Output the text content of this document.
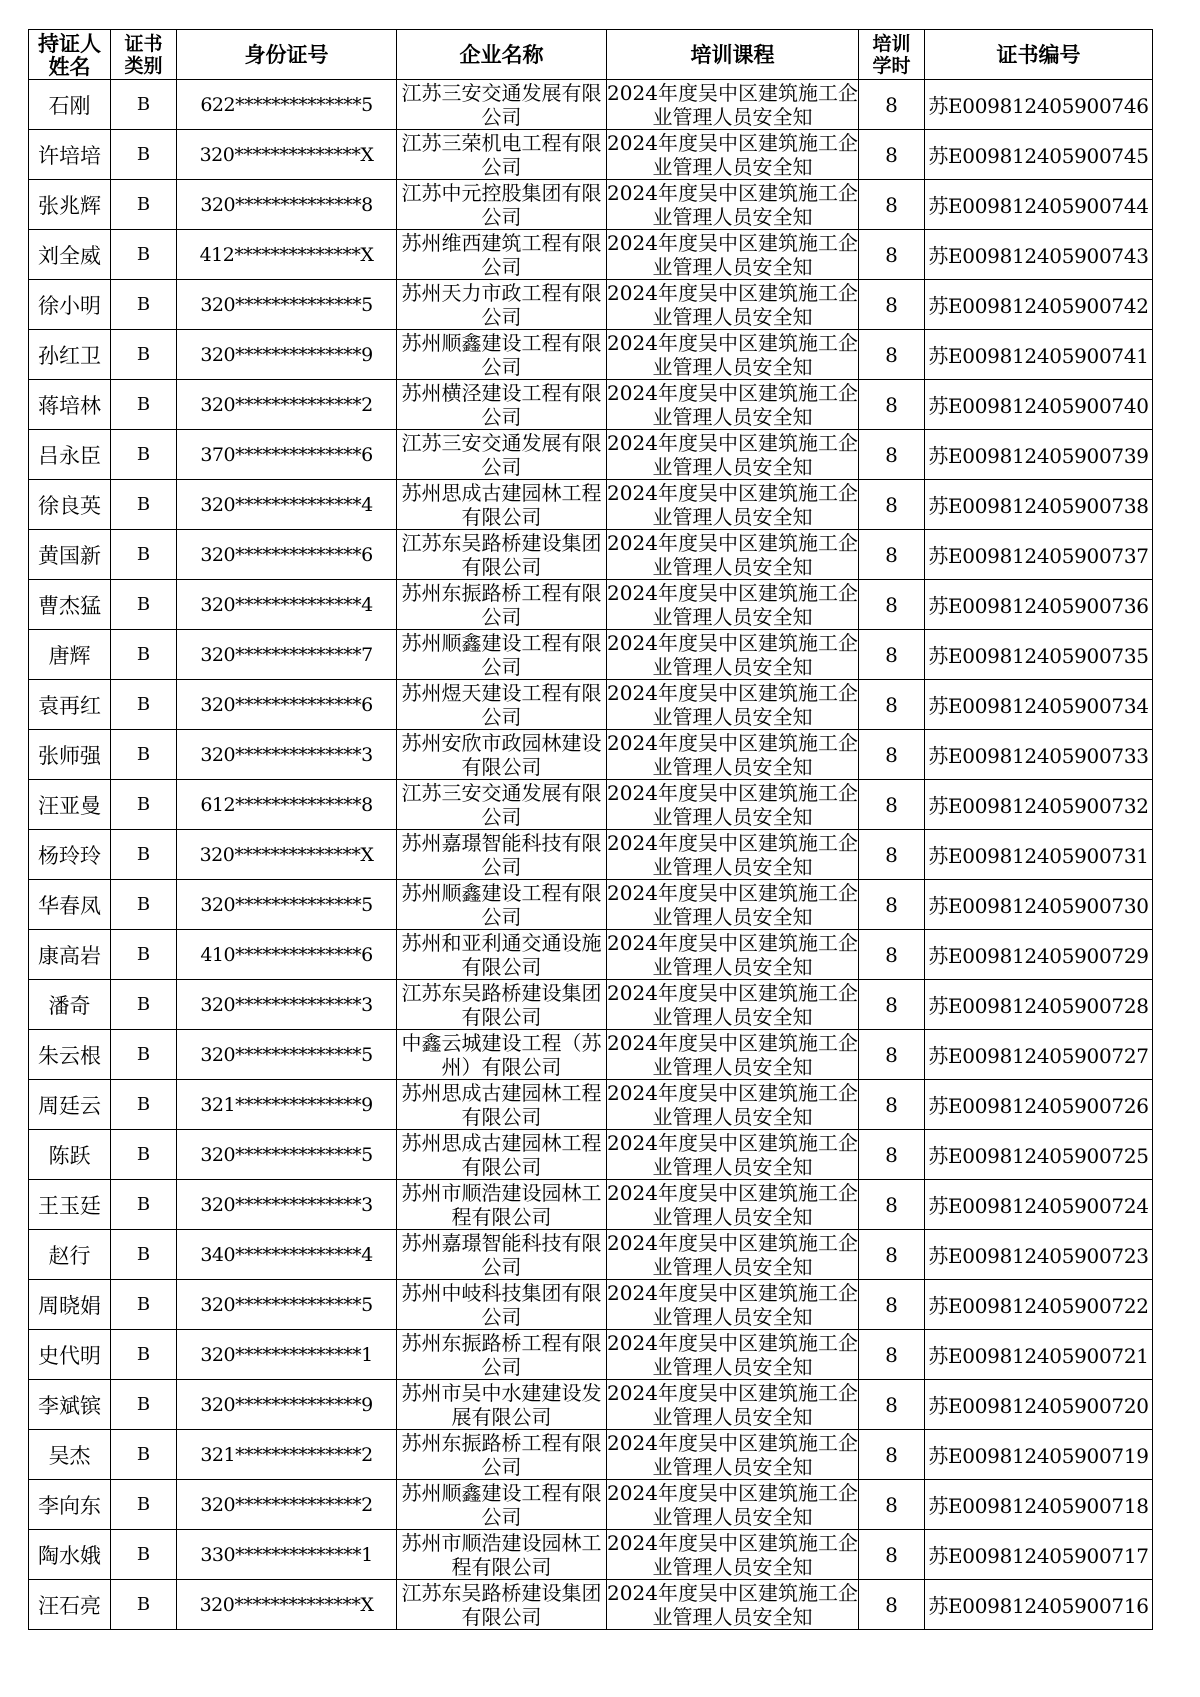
持证人姓名	证书类别	身份证号	企业名称	培训课程	培训学时	证书编号
石刚	B	622**************5	江苏三安交通发展有限公司	2024年度吴中区建筑施工企业管理人员安全知	8	苏E009812405900746
许培培	B	320**************X	江苏三荣机电工程有限公司	2024年度吴中区建筑施工企业管理人员安全知	8	苏E009812405900745
张兆辉	B	320**************8	江苏中元控股集团有限公司	2024年度吴中区建筑施工企业管理人员安全知	8	苏E009812405900744
刘全威	B	412**************X	苏州维西建筑工程有限公司	2024年度吴中区建筑施工企业管理人员安全知	8	苏E009812405900743
徐小明	B	320**************5	苏州天力市政工程有限公司	2024年度吴中区建筑施工企业管理人员安全知	8	苏E009812405900742
孙红卫	B	320**************9	苏州顺鑫建设工程有限公司	2024年度吴中区建筑施工企业管理人员安全知	8	苏E009812405900741
蒋培林	B	320**************2	苏州横泾建设工程有限公司	2024年度吴中区建筑施工企业管理人员安全知	8	苏E009812405900740
吕永臣	B	370**************6	江苏三安交通发展有限公司	2024年度吴中区建筑施工企业管理人员安全知	8	苏E009812405900739
徐良英	B	320**************4	苏州思成古建园林工程有限公司	2024年度吴中区建筑施工企业管理人员安全知	8	苏E009812405900738
黄国新	B	320**************6	江苏东吴路桥建设集团有限公司	2024年度吴中区建筑施工企业管理人员安全知	8	苏E009812405900737
曹杰猛	B	320**************4	苏州东振路桥工程有限公司	2024年度吴中区建筑施工企业管理人员安全知	8	苏E009812405900736
唐辉	B	320**************7	苏州顺鑫建设工程有限公司	2024年度吴中区建筑施工企业管理人员安全知	8	苏E009812405900735
袁再红	B	320**************6	苏州煜天建设工程有限公司	2024年度吴中区建筑施工企业管理人员安全知	8	苏E009812405900734
张师强	B	320**************3	苏州安欣市政园林建设有限公司	2024年度吴中区建筑施工企业管理人员安全知	8	苏E009812405900733
汪亚曼	B	612**************8	江苏三安交通发展有限公司	2024年度吴中区建筑施工企业管理人员安全知	8	苏E009812405900732
杨玲玲	B	320**************X	苏州嘉璟智能科技有限公司	2024年度吴中区建筑施工企业管理人员安全知	8	苏E009812405900731
华春凤	B	320**************5	苏州顺鑫建设工程有限公司	2024年度吴中区建筑施工企业管理人员安全知	8	苏E009812405900730
康高岩	B	410**************6	苏州和亚利通交通设施有限公司	2024年度吴中区建筑施工企业管理人员安全知	8	苏E009812405900729
潘奇	B	320**************3	江苏东吴路桥建设集团有限公司	2024年度吴中区建筑施工企业管理人员安全知	8	苏E009812405900728
朱云根	B	320**************5	中鑫云城建设工程（苏州）有限公司	2024年度吴中区建筑施工企业管理人员安全知	8	苏E009812405900727
周廷云	B	321**************9	苏州思成古建园林工程有限公司	2024年度吴中区建筑施工企业管理人员安全知	8	苏E009812405900726
陈跃	B	320**************5	苏州思成古建园林工程有限公司	2024年度吴中区建筑施工企业管理人员安全知	8	苏E009812405900725
王玉廷	B	320**************3	苏州市顺浩建设园林工程有限公司	2024年度吴中区建筑施工企业管理人员安全知	8	苏E009812405900724
赵行	B	340**************4	苏州嘉璟智能科技有限公司	2024年度吴中区建筑施工企业管理人员安全知	8	苏E009812405900723
周晓娟	B	320**************5	苏州中岐科技集团有限公司	2024年度吴中区建筑施工企业管理人员安全知	8	苏E009812405900722
史代明	B	320**************1	苏州东振路桥工程有限公司	2024年度吴中区建筑施工企业管理人员安全知	8	苏E009812405900721
李斌镔	B	320**************9	苏州市吴中水建建设发展有限公司	2024年度吴中区建筑施工企业管理人员安全知	8	苏E009812405900720
吴杰	B	321**************2	苏州东振路桥工程有限公司	2024年度吴中区建筑施工企业管理人员安全知	8	苏E009812405900719
李向东	B	320**************2	苏州顺鑫建设工程有限公司	2024年度吴中区建筑施工企业管理人员安全知	8	苏E009812405900718
陶水娥	B	330**************1	苏州市顺浩建设园林工程有限公司	2024年度吴中区建筑施工企业管理人员安全知	8	苏E009812405900717
汪石亮	B	320**************X	江苏东吴路桥建设集团有限公司	2024年度吴中区建筑施工企业管理人员安全知	8	苏E009812405900716
